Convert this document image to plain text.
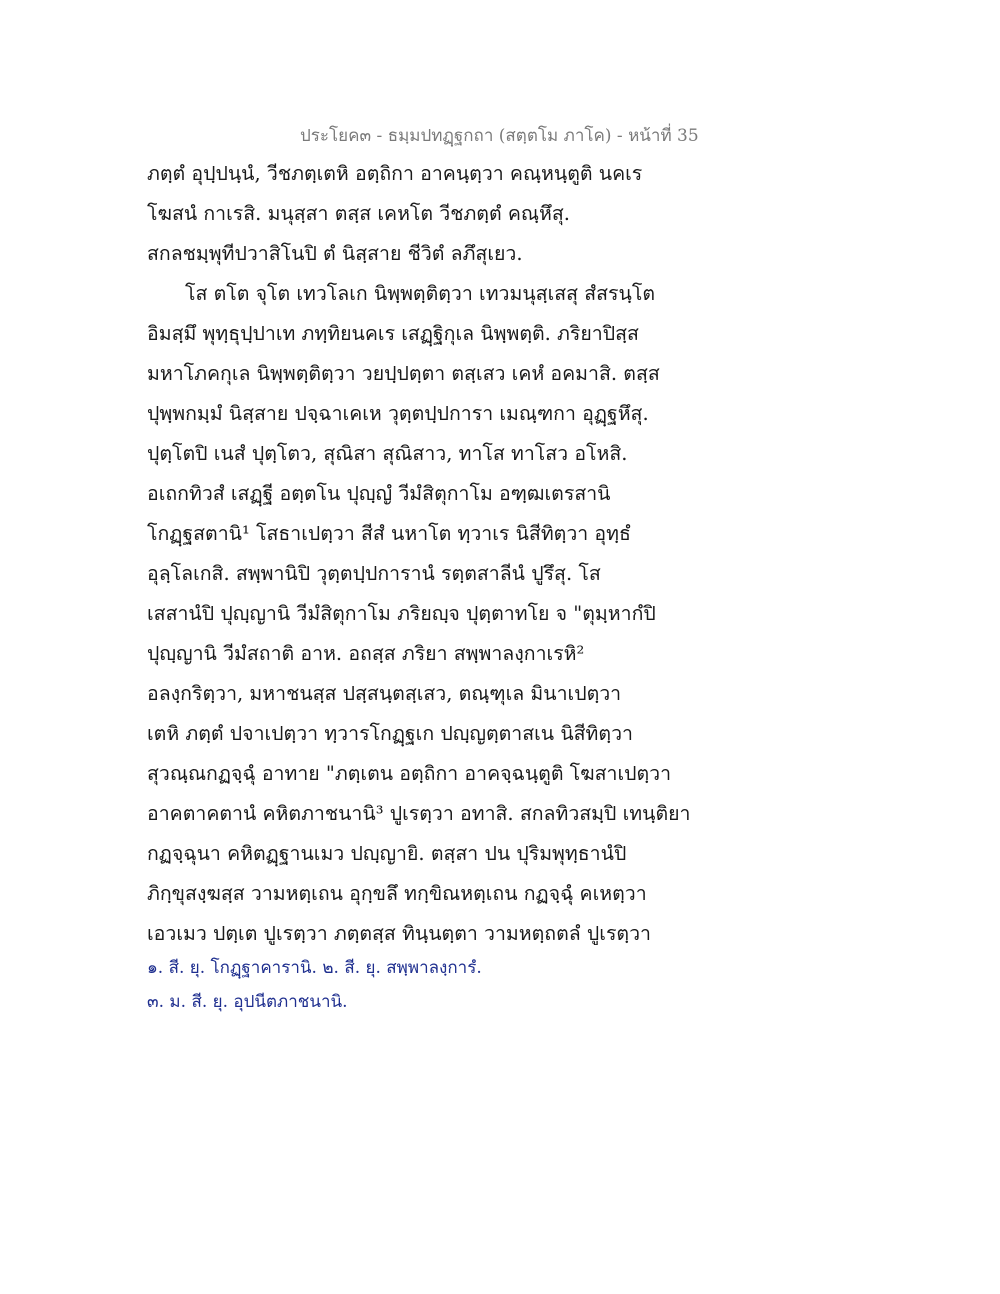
ประโยค๓ - ธมฺมปทฏฺฐกถา (สตฺตโม ภาโค) - หน้าที่ 35
ภตฺตํ อุปฺปนฺนํ, วีชภตฺเตหิ อตฺถิกา อาคนฺตฺวา คณฺหนฺตูติ นคเร
โฆสนํ กาเรสิ. มนุสฺสา ตสฺส เคหโต วีชภตฺตํ คณฺหึสุ.
สกลชมฺพุทีปวาสิโนปิ ตํ นิสฺสาย ชีวิตํ ลภึสุเยว.
โส ตโต จุโต เทวโลเก นิพฺพตฺติตฺวา เทวมนุสฺเสสุ สํสรนฺโต
อิมสฺมึ พุทฺธุปฺปาเท ภทฺทิยนคเร เสฏฺฐิกุเล นิพฺพตฺติ. ภริยาปิสฺส
มหาโภคกุเล นิพฺพตฺติตฺวา วยปฺปตฺตา ตสฺเสว เคหํ อคมาสิ. ตสฺส
ปุพฺพกมฺมํ นิสฺสาย ปจฺฉาเคเห วุตฺตปฺปการา เมณฺฑกา อุฏฺฐหึสุ.
ปุตฺโตปิ เนสํ ปุตฺโตว, สุณิสา สุณิสาว, ทาโส ทาโสว อโหสิ.
อเถกทิวสํ เสฏฺฐี อตฺตโน ปุญฺญํ วีมํสิตุกาโม อฑฺฒเตรสานิ
โกฏฺฐสตานิ¹ โสธาเปตฺวา สีสํ นหาโต ทฺวาเร นิสีทิตฺวา อุทฺธํ
อุลฺโลเกสิ. สพฺพานิปิ วุตฺตปฺปการานํ รตฺตสาลีนํ ปูรึสุ. โส
เสสานํปิ ปุญฺญานิ วีมํสิตุกาโม ภริยญฺจ ปุตฺตาทโย จ "ตุมฺหากํปิ
ปุญฺญานิ วีมํสถาติ อาห. อถสฺส ภริยา สพฺพาลงฺกาเรหิ²
อลงฺกริตฺวา, มหาชนสฺส ปสฺสนฺตสฺเสว, ตณฺฑุเล มินาเปตฺวา
เตหิ ภตฺตํ ปจาเปตฺวา ทฺวารโกฏฺฐเก ปญฺญตฺตาสเน นิสีทิตฺวา
สุวณฺณกฏจฺฉุํ อาทาย "ภตฺเตน อตฺถิกา อาคจฺฉนฺตูติ โฆสาเปตฺวา
อาคตาคตานํ คหิตภาชนานิ³ ปูเรตฺวา อทาสิ. สกลทิวสมฺปิ เทนฺติยา
กฏจฺฉุนา คหิตฏฺฐานเมว ปญฺญายิ. ตสฺสา ปน ปุริมพุทฺธานํปิ
ภิกฺขุสงฺฆสฺส วามหตฺเถน อุกฺขลึ ทกฺขิณหตฺเถน กฏจฺฉุํ คเหตฺวา
เอวเมว ปตฺเต ปูเรตฺวา ภตฺตสฺส ทินฺนตฺตา วามหตฺถตลํ ปูเรตฺวา
๑. สี. ยุ. โกฏฺฐาคารานิ. ๒. สี. ยุ. สพฺพาลงฺการํ.
๓. ม. สี. ยุ. อุปนีตภาชนานิ.
